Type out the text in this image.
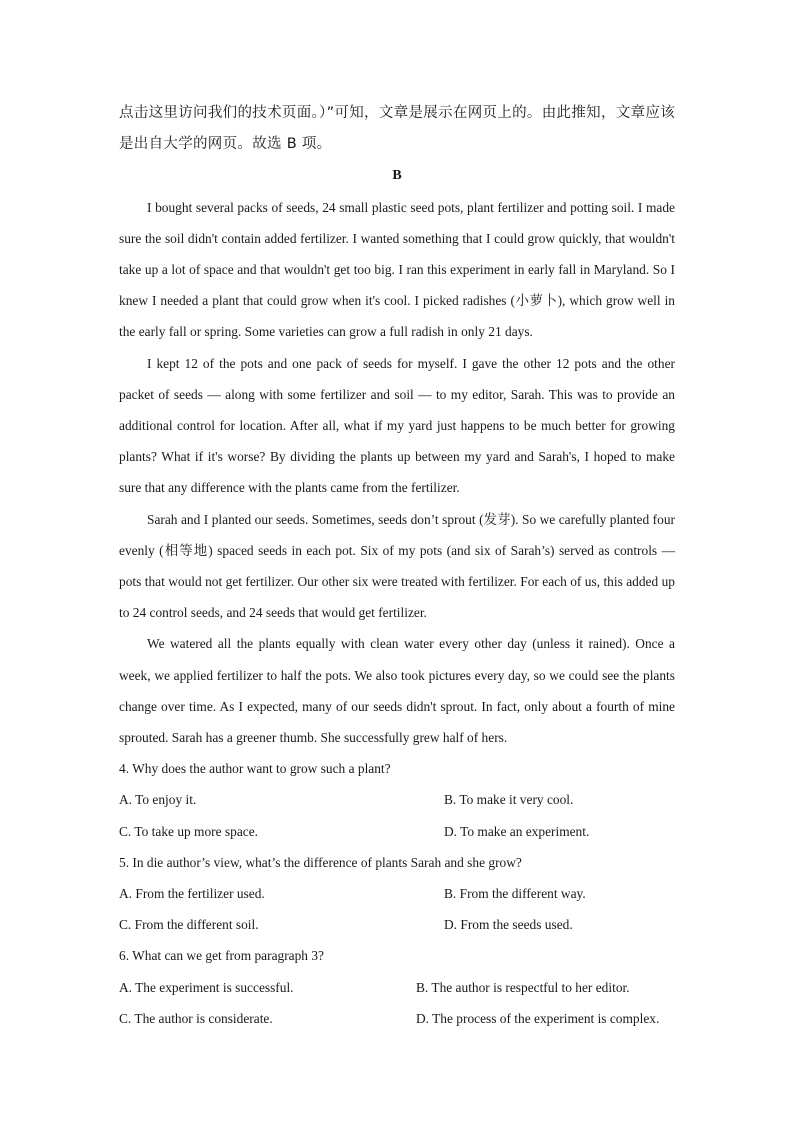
点击这里访问我们的技术页面。）”可知，文章是展示在网页上的。由此推知，文章应该是出自大学的网页。故选 B 项。

B

I bought several packs of seeds, 24 small plastic seed pots, plant fertilizer and potting soil. I made sure the soil didn't contain added fertilizer. I wanted something that I could grow quickly, that wouldn't take up a lot of space and that wouldn't get too big. I ran this experiment in early fall in Maryland. So I knew I needed a plant that could grow when it's cool. I picked radishes (小萝卜), which grow well in the early fall or spring. Some varieties can grow a full radish in only 21 days.

I kept 12 of the pots and one pack of seeds for myself. I gave the other 12 pots and the other packet of seeds — along with some fertilizer and soil — to my editor, Sarah. This was to provide an additional control for location. After all, what if my yard just happens to be much better for growing plants? What if it's worse? By dividing the plants up between my yard and Sarah's, I hoped to make sure that any difference with the plants came from the fertilizer.

Sarah and I planted our seeds. Sometimes, seeds don’t sprout (发芽). So we carefully planted four evenly (相等地) spaced seeds in each pot. Six of my pots (and six of Sarah’s) served as controls — pots that would not get fertilizer. Our other six were treated with fertilizer. For each of us, this added up to 24 control seeds, and 24 seeds that would get fertilizer.

We watered all the plants equally with clean water every other day (unless it rained). Once a week, we applied fertilizer to half the pots. We also took pictures every day, so we could see the plants change over time. As I expected, many of our seeds didn't sprout. In fact, only about a fourth of mine sprouted. Sarah has a greener thumb. She successfully grew half of hers.

4. Why does the author want to grow such a plant?

A. To enjoy it.	B. To make it very cool.
C. To take up more space.	D. To make an experiment.

5. In die author’s view, what’s the difference of plants Sarah and she grow?

A. From the fertilizer used.	B. From the different way.
C. From the different soil.	D. From the seeds used.

6. What can we get from paragraph 3?

A. The experiment is successful.	B. The author is respectful to her editor.
C. The author is considerate.	D. The process of the experiment is complex.
